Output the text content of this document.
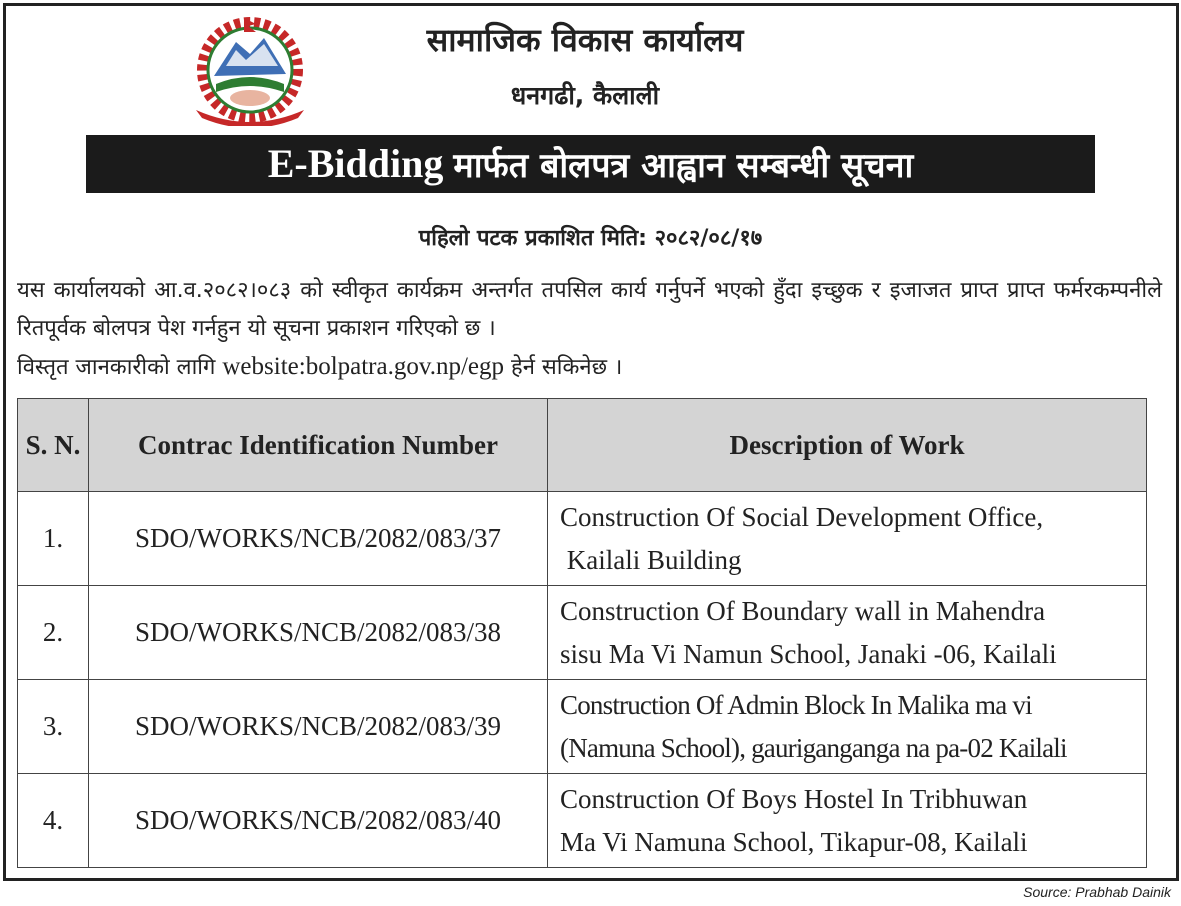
सामाजिक विकास कार्यालय
धनगढी, कैलाली
E-Bidding मार्फत बोलपत्र आह्वान सम्बन्धी सूचना
पहिलो पटक प्रकाशित मिति: २०८२/०८/१७
यस कार्यालयको आ.व.२०८२।०८३ को स्वीकृत कार्यक्रम अन्तर्गत तपसिल कार्य गर्नुपर्ने भएको हुँदा इच्छुक र इजाजत प्राप्त प्राप्त फर्मरकम्पनीले रितपूर्वक बोलपत्र पेश गर्नहुन यो सूचना प्रकाशन गरिएको छ ।
विस्तृत जानकारीको लागि website:bolpatra.gov.np/egp हेर्न सकिनेछ ।
S. N.	Contrac Identification Number	Description of Work
1.	SDO/WORKS/NCB/2082/083/37	Construction Of Social Development Office,
Kailali Building
2.	SDO/WORKS/NCB/2082/083/38	Construction Of Boundary wall in Mahendra
sisu Ma Vi Namun School, Janaki -06, Kailali
3.	SDO/WORKS/NCB/2082/083/39	Construction Of Admin Block In Malika ma vi
(Namuna School), gauriganganga na pa-02 Kailali
4.	SDO/WORKS/NCB/2082/083/40	Construction Of Boys Hostel In Tribhuwan
Ma Vi Namuna School, Tikapur-08, Kailali
Source: Prabhab Dainik
